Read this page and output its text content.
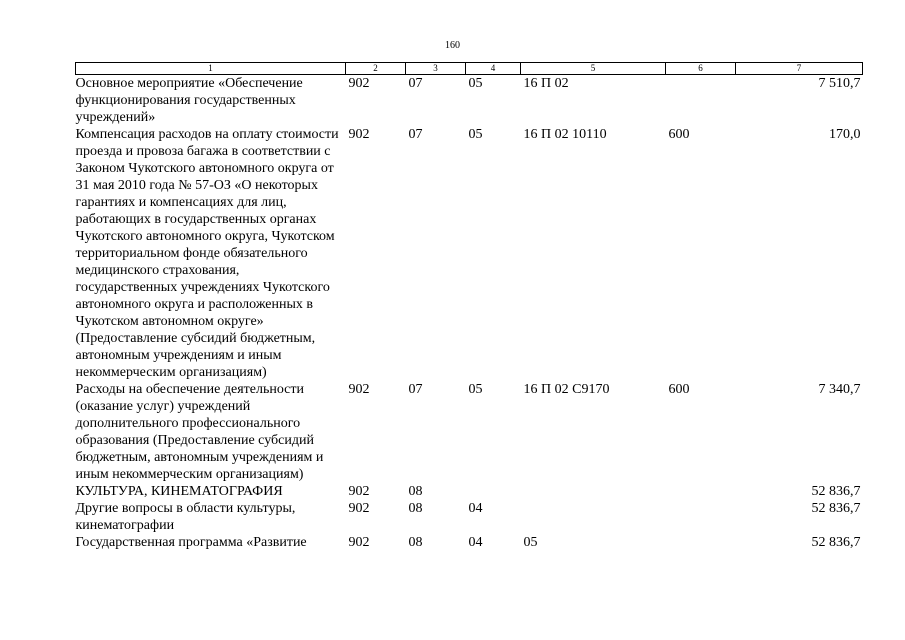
160
1	2	3	4	5	6	7
Основное мероприятие «Обеспечение функционирования государственных учреждений»	902	07	05	16 П 02		7 510,7
Компенсация расходов на оплату стоимости проезда и провоза багажа в соответствии с Законом Чукотского автономного округа от 31 мая 2010 года № 57-ОЗ «О некоторых гарантиях и компенсациях для лиц, работающих в государственных органах Чукотского автономного округа, Чукотском территориальном фонде обязательного медицинского страхования, государственных учреждениях Чукотского автономного округа и расположенных в Чукотском автономном округе» (Предоставление субсидий бюджетным, автономным учреждениям и иным некоммерческим организациям)	902	07	05	16 П 02 10110	600	170,0
Расходы на обеспечение деятельности (оказание услуг) учреждений дополнительного профессионального образования (Предоставление субсидий бюджетным, автономным учреждениям и иным некоммерческим организациям)	902	07	05	16 П 02 С9170	600	7 340,7
КУЛЬТУРА, КИНЕМАТОГРАФИЯ	902	08				52 836,7
Другие вопросы в области культуры, кинематографии	902	08	04			52 836,7
Государственная программа «Развитие	902	08	04	05		52 836,7
